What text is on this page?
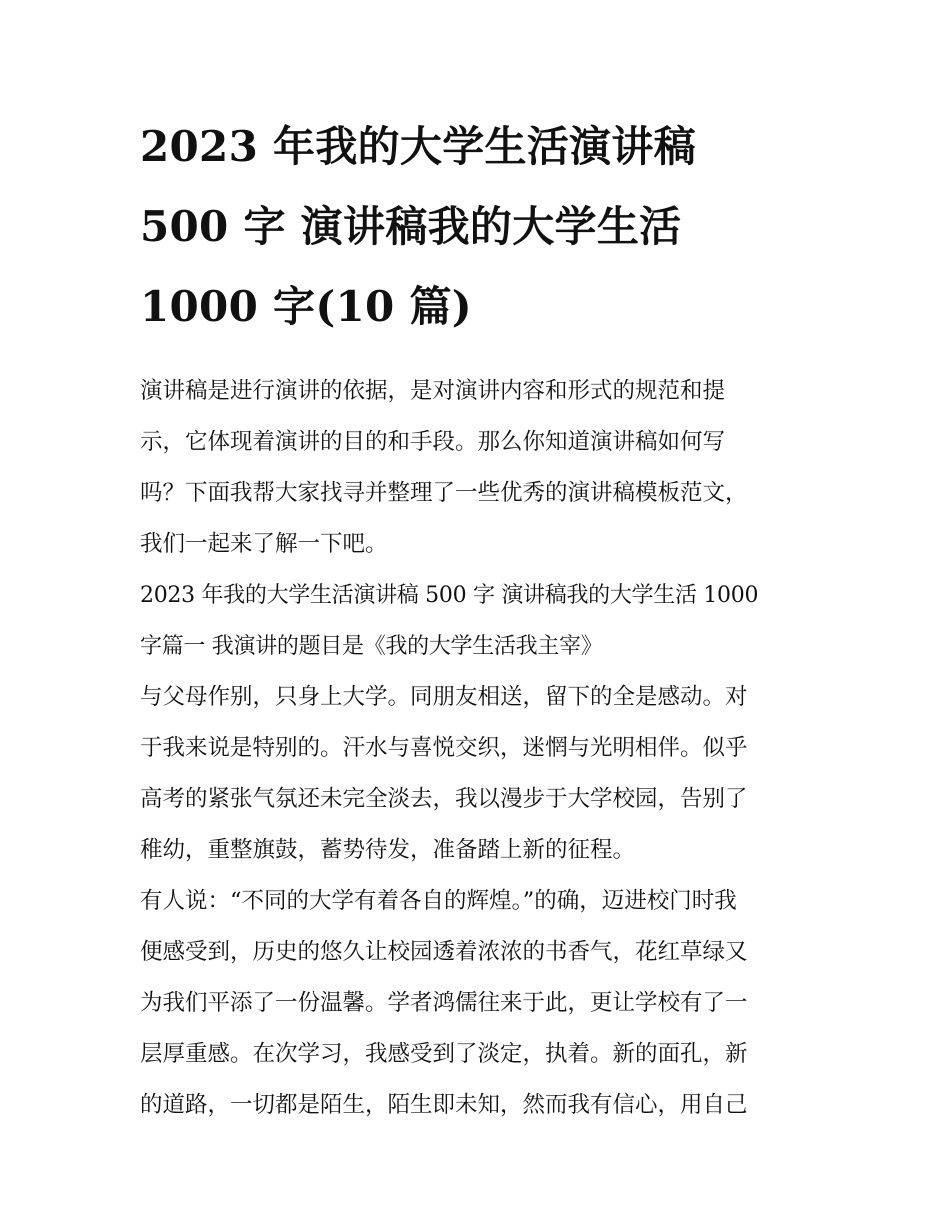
2023 年我的大学生活演讲稿
500 字 演讲稿我的大学生活
1000 字(10 篇)
演讲稿是进行演讲的依据，是对演讲内容和形式的规范和提
示，它体现着演讲的目的和手段。那么你知道演讲稿如何写
吗？下面我帮大家找寻并整理了一些优秀的演讲稿模板范文，
我们一起来了解一下吧。
2023 年我的大学生活演讲稿 500 字 演讲稿我的大学生活 1000
字篇一 我演讲的题目是《我的大学生活我主宰》
与父母作别，只身上大学。同朋友相送，留下的全是感动。对
于我来说是特别的。汗水与喜悦交织，迷惘与光明相伴。似乎
高考的紧张气氛还未完全淡去，我以漫步于大学校园，告别了
稚幼，重整旗鼓，蓄势待发，准备踏上新的征程。
有人说：“不同的大学有着各自的辉煌。”的确，迈进校门时我
便感受到，历史的悠久让校园透着浓浓的书香气，花红草绿又
为我们平添了一份温馨。学者鸿儒往来于此，更让学校有了一
层厚重感。在次学习，我感受到了淡定，执着。新的面孔，新
的道路，一切都是陌生，陌生即未知，然而我有信心，用自己
